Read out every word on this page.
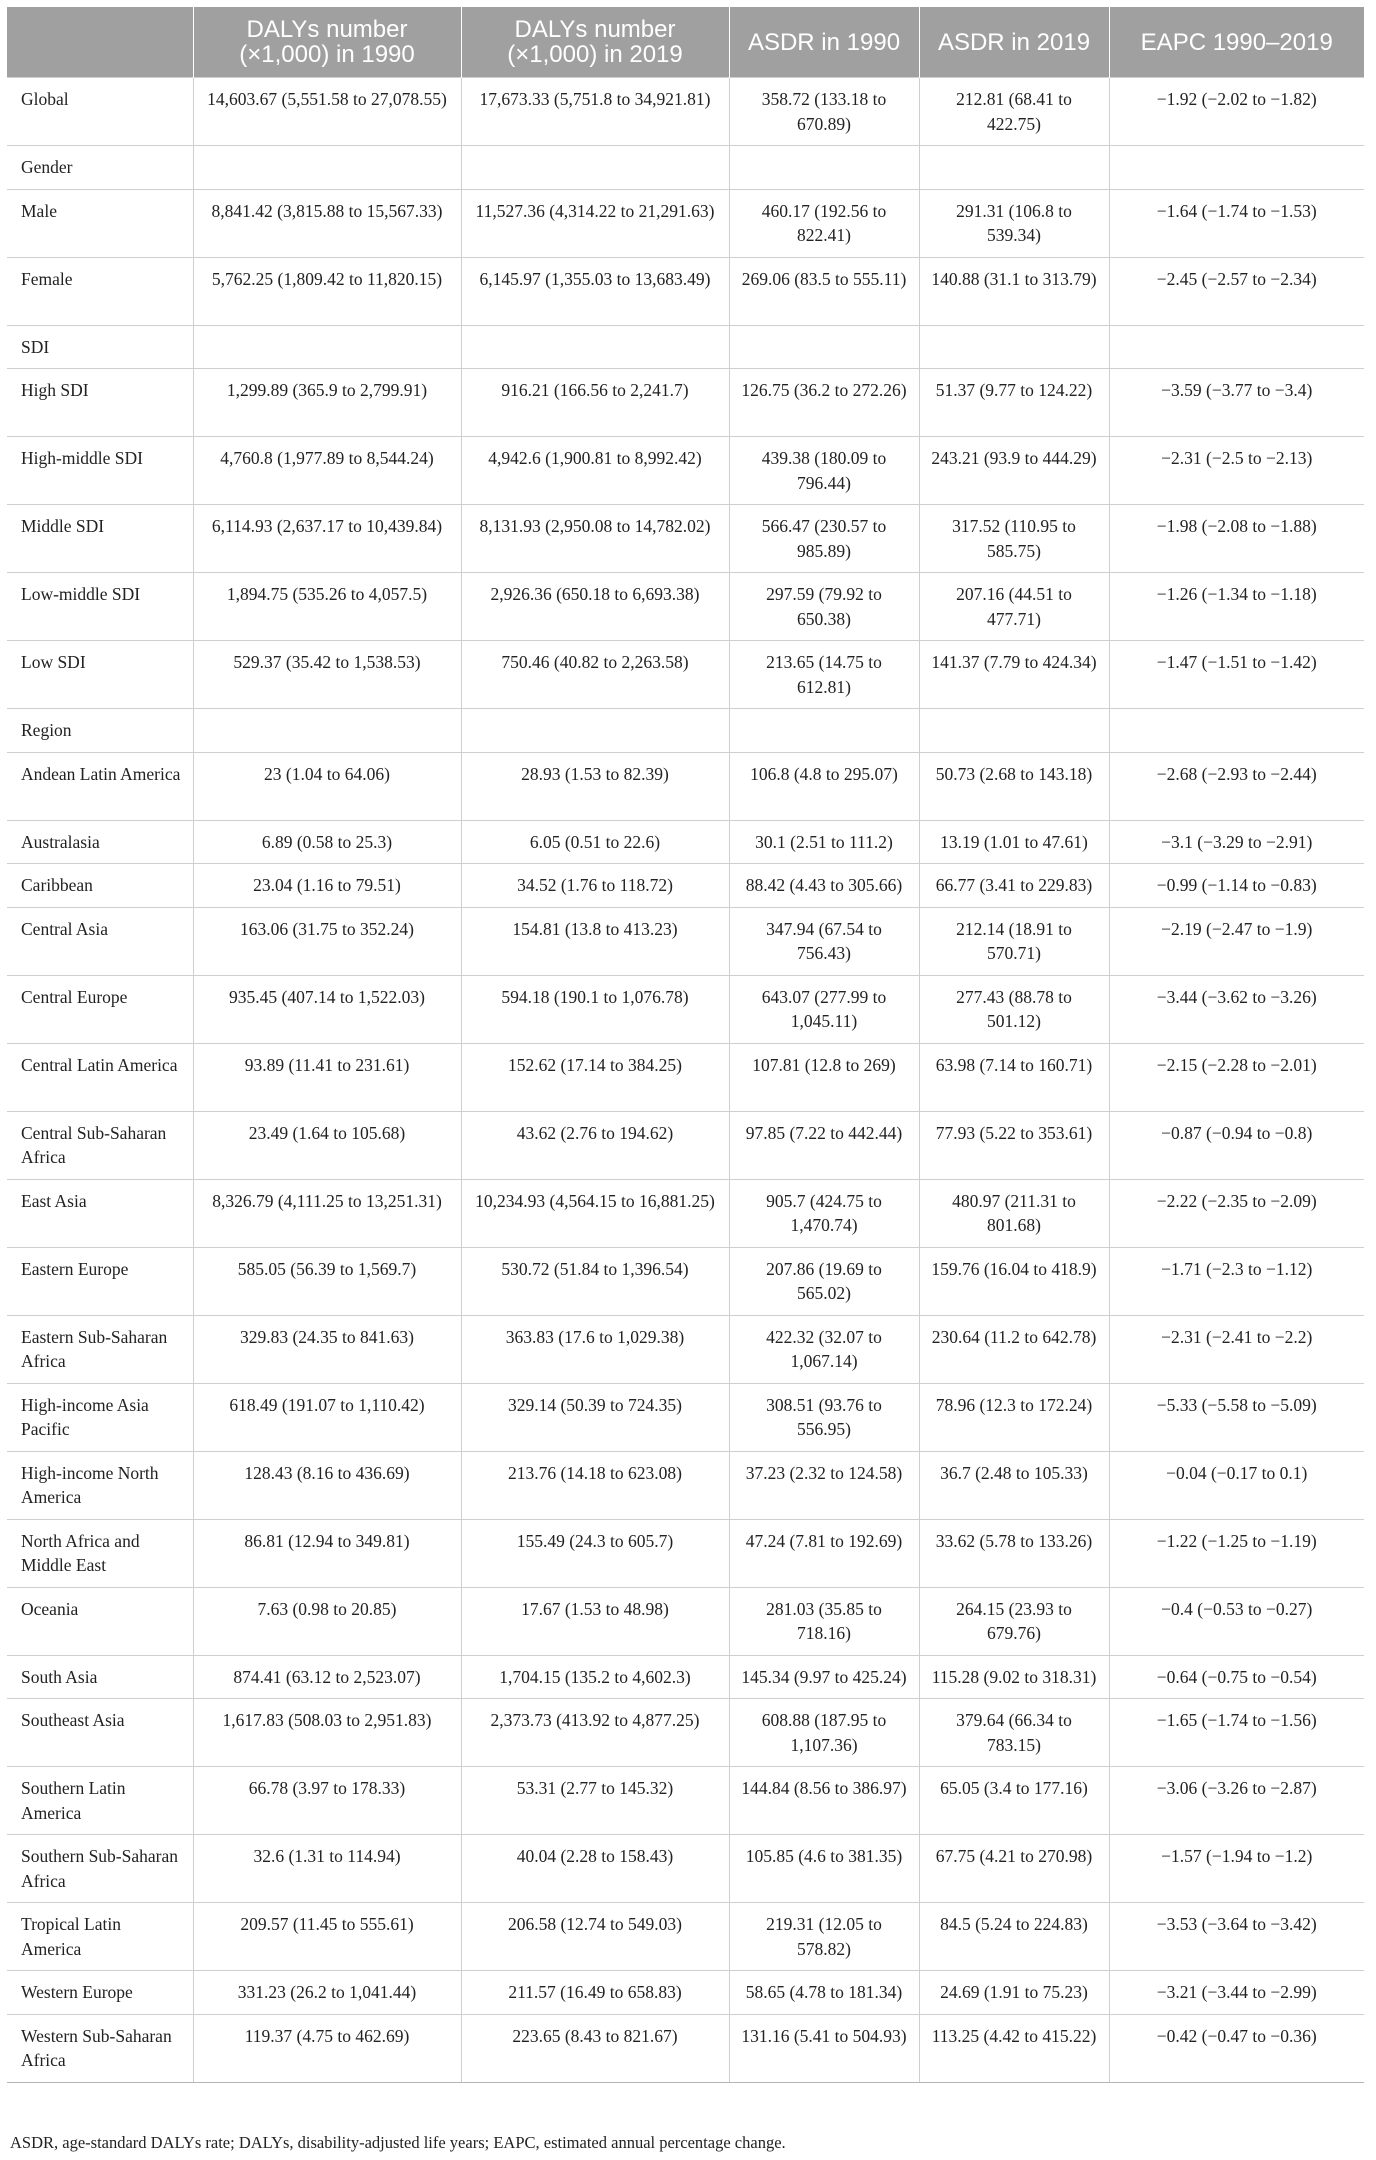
	DALYs number (×1,000) in 1990	DALYs number (×1,000) in 2019	ASDR in 1990	ASDR in 2019	EAPC 1990–2019
Global	14,603.67 (5,551.58 to 27,078.55)	17,673.33 (5,751.8 to 34,921.81)	358.72 (133.18 to 670.89)	212.81 (68.41 to 422.75)	−1.92 (−2.02 to −1.82)
Gender					
Male	8,841.42 (3,815.88 to 15,567.33)	11,527.36 (4,314.22 to 21,291.63)	460.17 (192.56 to 822.41)	291.31 (106.8 to 539.34)	−1.64 (−1.74 to −1.53)
Female	5,762.25 (1,809.42 to 11,820.15)	6,145.97 (1,355.03 to 13,683.49)	269.06 (83.5 to 555.11)	140.88 (31.1 to 313.79)	−2.45 (−2.57 to −2.34)
SDI					
High SDI	1,299.89 (365.9 to 2,799.91)	916.21 (166.56 to 2,241.7)	126.75 (36.2 to 272.26)	51.37 (9.77 to 124.22)	−3.59 (−3.77 to −3.4)
High-middle SDI	4,760.8 (1,977.89 to 8,544.24)	4,942.6 (1,900.81 to 8,992.42)	439.38 (180.09 to 796.44)	243.21 (93.9 to 444.29)	−2.31 (−2.5 to −2.13)
Middle SDI	6,114.93 (2,637.17 to 10,439.84)	8,131.93 (2,950.08 to 14,782.02)	566.47 (230.57 to 985.89)	317.52 (110.95 to 585.75)	−1.98 (−2.08 to −1.88)
Low-middle SDI	1,894.75 (535.26 to 4,057.5)	2,926.36 (650.18 to 6,693.38)	297.59 (79.92 to 650.38)	207.16 (44.51 to 477.71)	−1.26 (−1.34 to −1.18)
Low SDI	529.37 (35.42 to 1,538.53)	750.46 (40.82 to 2,263.58)	213.65 (14.75 to 612.81)	141.37 (7.79 to 424.34)	−1.47 (−1.51 to −1.42)
Region					
Andean Latin America	23 (1.04 to 64.06)	28.93 (1.53 to 82.39)	106.8 (4.8 to 295.07)	50.73 (2.68 to 143.18)	−2.68 (−2.93 to −2.44)
Australasia	6.89 (0.58 to 25.3)	6.05 (0.51 to 22.6)	30.1 (2.51 to 111.2)	13.19 (1.01 to 47.61)	−3.1 (−3.29 to −2.91)
Caribbean	23.04 (1.16 to 79.51)	34.52 (1.76 to 118.72)	88.42 (4.43 to 305.66)	66.77 (3.41 to 229.83)	−0.99 (−1.14 to −0.83)
Central Asia	163.06 (31.75 to 352.24)	154.81 (13.8 to 413.23)	347.94 (67.54 to 756.43)	212.14 (18.91 to 570.71)	−2.19 (−2.47 to −1.9)
Central Europe	935.45 (407.14 to 1,522.03)	594.18 (190.1 to 1,076.78)	643.07 (277.99 to 1,045.11)	277.43 (88.78 to 501.12)	−3.44 (−3.62 to −3.26)
Central Latin America	93.89 (11.41 to 231.61)	152.62 (17.14 to 384.25)	107.81 (12.8 to 269)	63.98 (7.14 to 160.71)	−2.15 (−2.28 to −2.01)
Central Sub-Saharan Africa	23.49 (1.64 to 105.68)	43.62 (2.76 to 194.62)	97.85 (7.22 to 442.44)	77.93 (5.22 to 353.61)	−0.87 (−0.94 to −0.8)
East Asia	8,326.79 (4,111.25 to 13,251.31)	10,234.93 (4,564.15 to 16,881.25)	905.7 (424.75 to 1,470.74)	480.97 (211.31 to 801.68)	−2.22 (−2.35 to −2.09)
Eastern Europe	585.05 (56.39 to 1,569.7)	530.72 (51.84 to 1,396.54)	207.86 (19.69 to 565.02)	159.76 (16.04 to 418.9)	−1.71 (−2.3 to −1.12)
Eastern Sub-Saharan Africa	329.83 (24.35 to 841.63)	363.83 (17.6 to 1,029.38)	422.32 (32.07 to 1,067.14)	230.64 (11.2 to 642.78)	−2.31 (−2.41 to −2.2)
High-income Asia Pacific	618.49 (191.07 to 1,110.42)	329.14 (50.39 to 724.35)	308.51 (93.76 to 556.95)	78.96 (12.3 to 172.24)	−5.33 (−5.58 to −5.09)
High-income North America	128.43 (8.16 to 436.69)	213.76 (14.18 to 623.08)	37.23 (2.32 to 124.58)	36.7 (2.48 to 105.33)	−0.04 (−0.17 to 0.1)
North Africa and Middle East	86.81 (12.94 to 349.81)	155.49 (24.3 to 605.7)	47.24 (7.81 to 192.69)	33.62 (5.78 to 133.26)	−1.22 (−1.25 to −1.19)
Oceania	7.63 (0.98 to 20.85)	17.67 (1.53 to 48.98)	281.03 (35.85 to 718.16)	264.15 (23.93 to 679.76)	−0.4 (−0.53 to −0.27)
South Asia	874.41 (63.12 to 2,523.07)	1,704.15 (135.2 to 4,602.3)	145.34 (9.97 to 425.24)	115.28 (9.02 to 318.31)	−0.64 (−0.75 to −0.54)
Southeast Asia	1,617.83 (508.03 to 2,951.83)	2,373.73 (413.92 to 4,877.25)	608.88 (187.95 to 1,107.36)	379.64 (66.34 to 783.15)	−1.65 (−1.74 to −1.56)
Southern Latin America	66.78 (3.97 to 178.33)	53.31 (2.77 to 145.32)	144.84 (8.56 to 386.97)	65.05 (3.4 to 177.16)	−3.06 (−3.26 to −2.87)
Southern Sub-Saharan Africa	32.6 (1.31 to 114.94)	40.04 (2.28 to 158.43)	105.85 (4.6 to 381.35)	67.75 (4.21 to 270.98)	−1.57 (−1.94 to −1.2)
Tropical Latin America	209.57 (11.45 to 555.61)	206.58 (12.74 to 549.03)	219.31 (12.05 to 578.82)	84.5 (5.24 to 224.83)	−3.53 (−3.64 to −3.42)
Western Europe	331.23 (26.2 to 1,041.44)	211.57 (16.49 to 658.83)	58.65 (4.78 to 181.34)	24.69 (1.91 to 75.23)	−3.21 (−3.44 to −2.99)
Western Sub-Saharan Africa	119.37 (4.75 to 462.69)	223.65 (8.43 to 821.67)	131.16 (5.41 to 504.93)	113.25 (4.42 to 415.22)	−0.42 (−0.47 to −0.36)
ASDR, age-standard DALYs rate; DALYs, disability-adjusted life years; EAPC, estimated annual percentage change.
